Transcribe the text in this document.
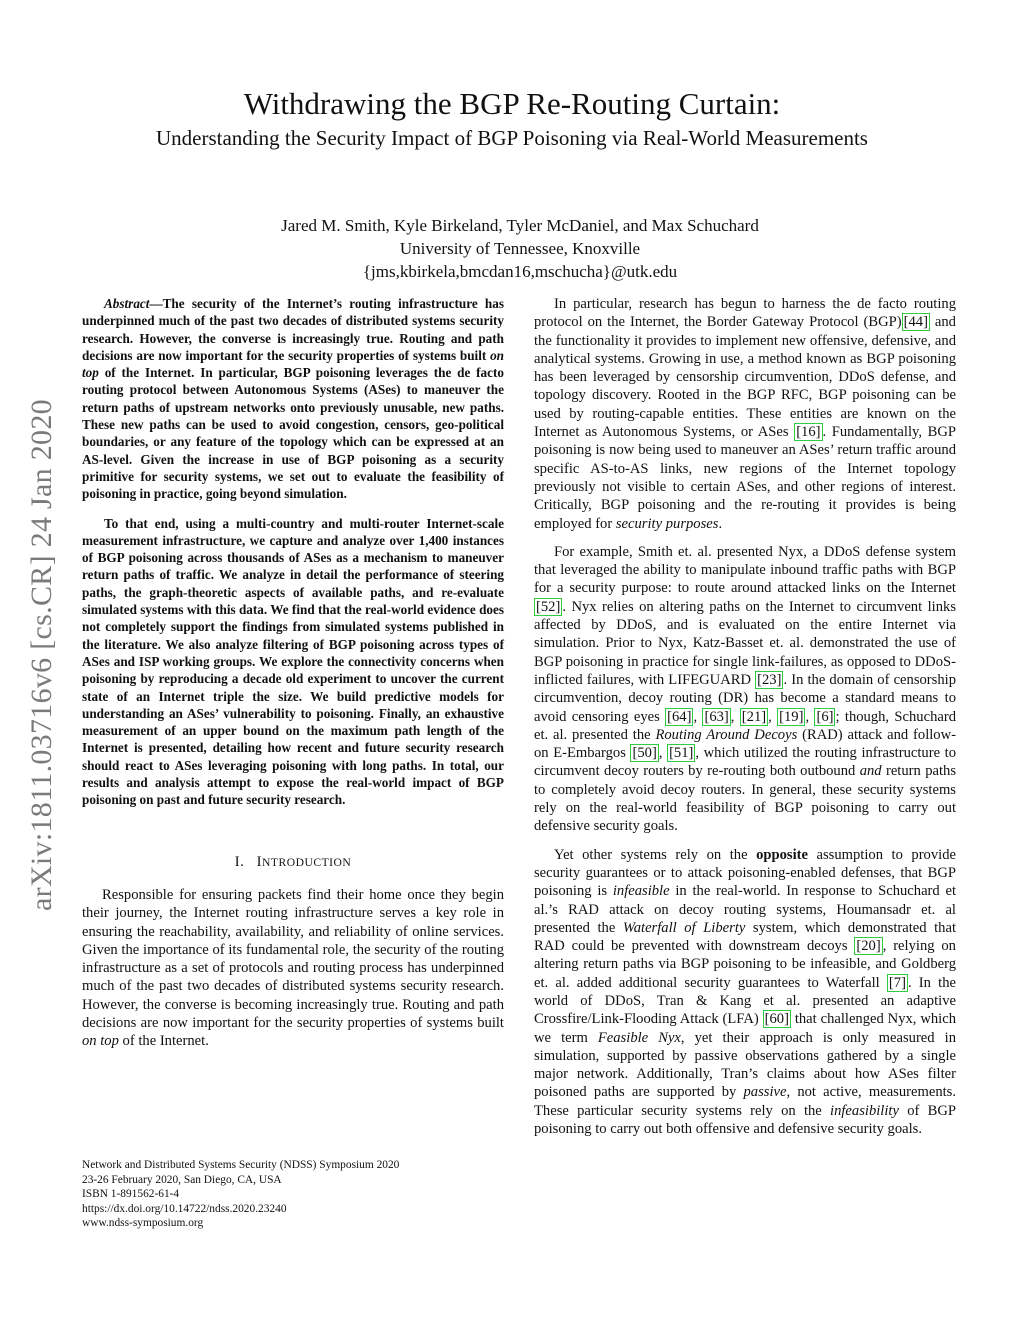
Withdrawing the BGP Re-Routing Curtain:
Understanding the Security Impact of BGP Poisoning via Real-World Measurements
Jared M. Smith, Kyle Birkeland, Tyler McDaniel, and Max Schuchard
University of Tennessee, Knoxville
{jms,kbirkela,bmcdan16,mschucha}@utk.edu
arXiv:1811.03716v6 [cs.CR] 24 Jan 2020

Abstract—The security of the Internet’s routing infrastructure has underpinned much of the past two decades of distributed systems security research. However, the converse is increasingly true. Routing and path decisions are now important for the security properties of systems built on top of the Internet. In particular, BGP poisoning leverages the de facto routing protocol between Autonomous Systems (ASes) to maneuver the return paths of upstream networks onto previously unusable, new paths. These new paths can be used to avoid congestion, censors, geo-political boundaries, or any feature of the topology which can be expressed at an AS-level. Given the increase in use of BGP poisoning as a security primitive for security systems, we set out to evaluate the feasibility of poisoning in practice, going beyond simulation.

To that end, using a multi-country and multi-router Internet-scale measurement infrastructure, we capture and analyze over 1,400 instances of BGP poisoning across thousands of ASes as a mechanism to maneuver return paths of traffic. We analyze in detail the performance of steering paths, the graph-theoretic aspects of available paths, and re-evaluate simulated systems with this data. We find that the real-world evidence does not completely support the findings from simulated systems published in the literature. We also analyze filtering of BGP poisoning across types of ASes and ISP working groups. We explore the connectivity concerns when poisoning by reproducing a decade old experiment to uncover the current state of an Internet triple the size. We build predictive models for understanding an ASes’ vulnerability to poisoning. Finally, an exhaustive measurement of an upper bound on the maximum path length of the Internet is presented, detailing how recent and future security research should react to ASes leveraging poisoning with long paths. In total, our results and analysis attempt to expose the real-world impact of BGP poisoning on past and future security research.

I. INTRODUCTION

Responsible for ensuring packets find their home once they begin their journey, the Internet routing infrastructure serves a key role in ensuring the reachability, availability, and reliability of online services. Given the importance of its fundamental role, the security of the routing infrastructure as a set of protocols and routing process has underpinned much of the past two decades of distributed systems security research. However, the converse is becoming increasingly true. Routing and path decisions are now important for the security properties of systems built on top of the Internet.

Network and Distributed Systems Security (NDSS) Symposium 2020
23-26 February 2020, San Diego, CA, USA
ISBN 1-891562-61-4
https://dx.doi.org/10.14722/ndss.2020.23240
www.ndss-symposium.org

In particular, research has begun to harness the de facto routing protocol on the Internet, the Border Gateway Protocol (BGP) [44] and the functionality it provides to implement new offensive, defensive, and analytical systems. Growing in use, a method known as BGP poisoning has been leveraged by censorship circumvention, DDoS defense, and topology discovery. Rooted in the BGP RFC, BGP poisoning can be used by routing-capable entities. These entities are known on the Internet as Autonomous Systems, or ASes [16] . Fundamentally, BGP poisoning is now being used to maneuver an ASes’ return traffic around specific AS-to-AS links, new regions of the Internet topology previously not visible to certain ASes, and other regions of interest. Critically, BGP poisoning and the re-routing it provides is being employed for security purposes.

For example, Smith et. al. presented Nyx, a DDoS defense system that leveraged the ability to manipulate inbound traffic paths with BGP for a security purpose: to route around attacked links on the Internet [52] . Nyx relies on altering paths on the Internet to circumvent links affected by DDoS, and is evaluated on the entire Internet via simulation. Prior to Nyx, Katz-Basset et. al. demonstrated the use of BGP poisoning in practice for single link-failures, as opposed to DDoS-inflicted failures, with LIFEGUARD [23] . In the domain of censorship circumvention, decoy routing (DR) has become a standard means to avoid censoring eyes [64] , [63] , [21] , [19] , [6] ; though, Schuchard et. al. presented the Routing Around Decoys (RAD) attack and follow-on E-Embargos [50] , [51] , which utilized the routing infrastructure to circumvent decoy routers by re-routing both outbound and return paths to completely avoid decoy routers. In general, these security systems rely on the real-world feasibility of BGP poisoning to carry out defensive security goals.

Yet other systems rely on the opposite assumption to provide security guarantees or to attack poisoning-enabled defenses, that BGP poisoning is infeasible in the real-world. In response to Schuchard et al.’s RAD attack on decoy routing systems, Houmansadr et. al presented the Waterfall of Liberty system, which demonstrated that RAD could be prevented with downstream decoys [20] , relying on altering return paths via BGP poisoning to be infeasible, and Goldberg et. al. added additional security guarantees to Waterfall [7] . In the world of DDoS, Tran & Kang et al. presented an adaptive Crossfire/Link-Flooding Attack (LFA) [60] that challenged Nyx, which we term Feasible Nyx, yet their approach is only measured in simulation, supported by passive observations gathered by a single major network. Additionally, Tran’s claims about how ASes filter poisoned paths are supported by passive, not active, measurements. These particular security systems rely on the infeasibility of BGP poisoning to carry out both offensive and defensive security goals.
